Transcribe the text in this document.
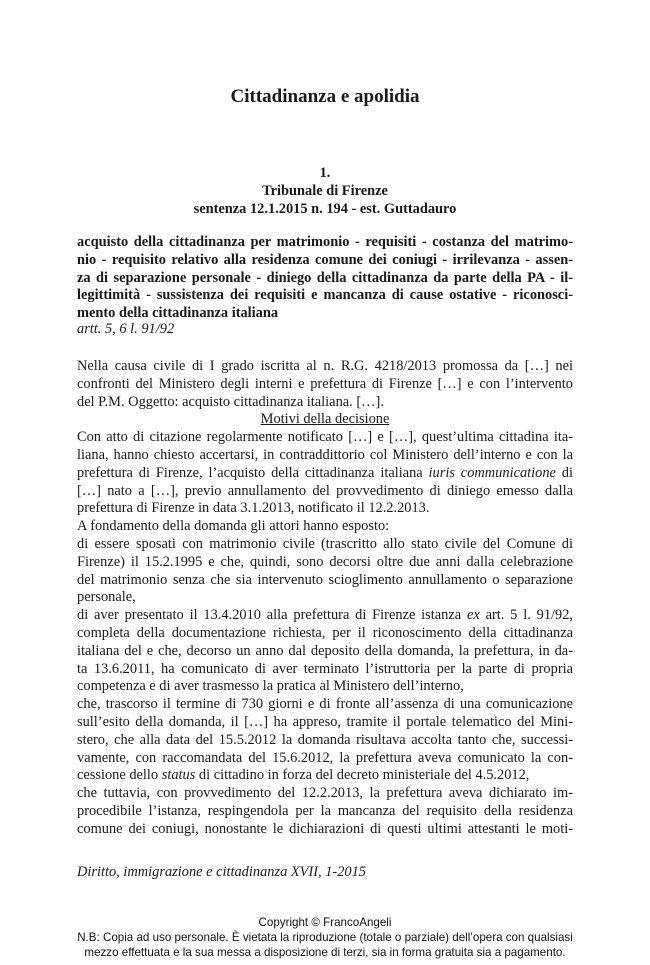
Cittadinanza e apolidia
1.
Tribunale di Firenze
sentenza 12.1.2015 n. 194 - est. Guttadauro
acquisto della cittadinanza per matrimonio - requisiti - costanza del matrimo-
nio - requisito relativo alla residenza comune dei coniugi - irrilevanza - assen-
za di separazione personale - diniego della cittadinanza da parte della PA - il-
legittimità - sussistenza dei requisiti e mancanza di cause ostative - riconosci-
mento della cittadinanza italiana
artt. 5, 6 l. 91/92
Nella causa civile di I grado iscritta al n. R.G. 4218/2013 promossa da […] nei
confronti del Ministero degli interni e prefettura di Firenze […] e con l’intervento
del P.M. Oggetto: acquisto cittadinanza italiana. […].
Motivi della decisione
Con atto di citazione regolarmente notificato […] e […], quest’ultima cittadina ita-
liana, hanno chiesto accertarsi, in contraddittorio col Ministero dell’interno e con la
prefettura di Firenze, l’acquisto della cittadinanza italiana iuris communicatione di
[…] nato a […], previo annullamento del provvedimento di diniego emesso dalla
prefettura di Firenze in data 3.1.2013, notificato il 12.2.2013.
A fondamento della domanda gli attori hanno esposto:
di essere sposati con matrimonio civile (trascritto allo stato civile del Comune di
Firenze) il 15.2.1995 e che, quindi, sono decorsi oltre due anni dalla celebrazione
del matrimonio senza che sia intervenuto scioglimento annullamento o separazione
personale,
di aver presentato il 13.4.2010 alla prefettura di Firenze istanza ex art. 5 l. 91/92,
completa della documentazione richiesta, per il riconoscimento della cittadinanza
italiana del e che, decorso un anno dal deposito della domanda, la prefettura, in da-
ta 13.6.2011, ha comunicato di aver terminato l’istruttoria per la parte di propria
competenza e di aver trasmesso la pratica al Ministero dell’interno,
che, trascorso il termine di 730 giorni e di fronte all’assenza di una comunicazione
sull’esito della domanda, il […] ha appreso, tramite il portale telematico del Mini-
stero, che alla data del 15.5.2012 la domanda risultava accolta tanto che, successi-
vamente, con raccomandata del 15.6.2012, la prefettura aveva comunicato la con-
cessione dello status di cittadino in forza del decreto ministeriale del 4.5.2012,
che tuttavia, con provvedimento del 12.2.2013, la prefettura aveva dichiarato im-
procedibile l’istanza, respingendola per la mancanza del requisito della residenza
comune dei coniugi, nonostante le dichiarazioni di questi ultimi attestanti le moti-
Diritto, immigrazione e cittadinanza XVII, 1-2015
Copyright © FrancoAngeli
N.B: Copia ad uso personale. È vietata la riproduzione (totale o parziale) dell’opera con qualsiasi
mezzo effettuata e la sua messa a disposizione di terzi, sia in forma gratuita sia a pagamento.
